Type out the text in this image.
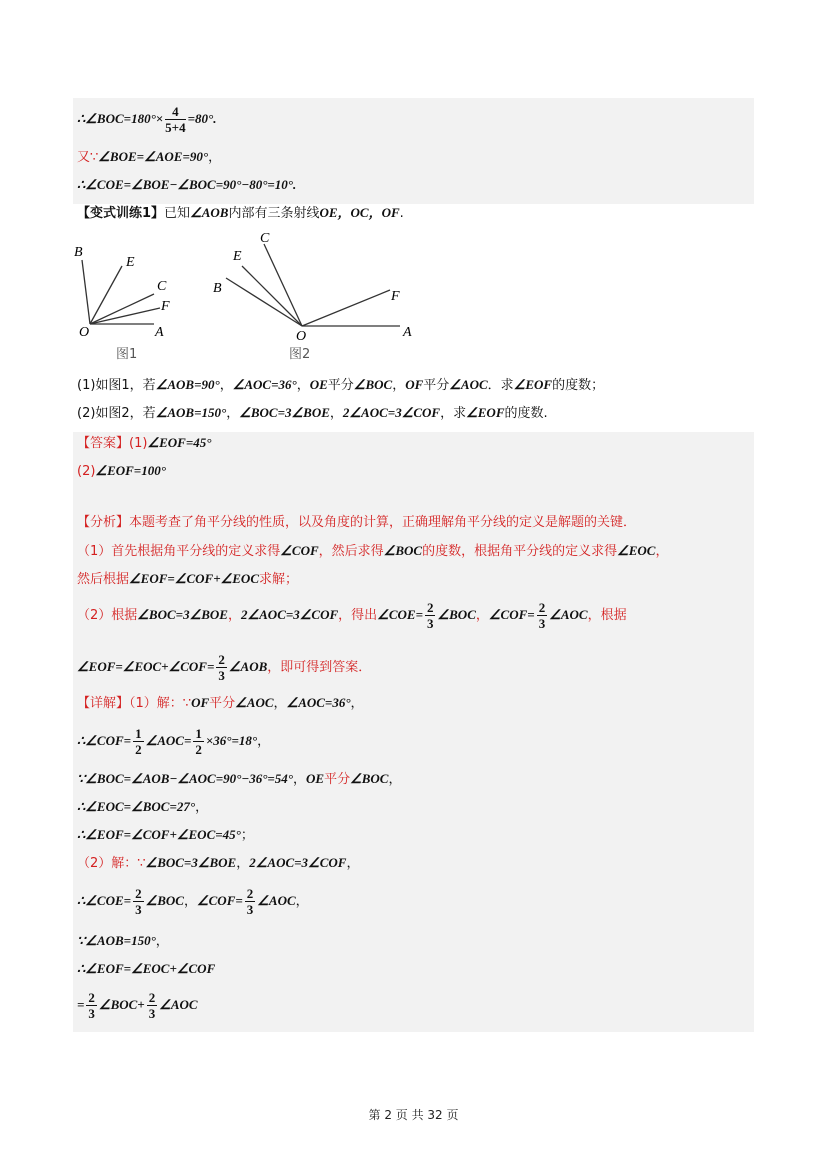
∴∠BOC=180°× $\frac{4}{5+4} =80^\circ$.
又∵∠BOE=∠AOE=90°，
∴∠COE=∠BOE−∠BOC=90°−80°=10°.
【变式训练1】已知∠AOB内部有三条射线OE，OC，OF.
B
E
C
F
O	A
图1
C
E
B
F
O	A
图2
(1)如图1，若∠AOB=90°，∠AOC=36°，OE平分∠BOC，OF平分∠AOC．求∠EOF的度数；
(2)如图2，若∠AOB=150°，∠BOC=3∠BOE，2∠AOC=3∠COF，求∠EOF的度数.
【答案】(1)∠EOF=45°
(2)∠EOF=100°
【分析】本题考查了角平分线的性质，以及角度的计算，正确理解角平分线的定义是解题的关键．
（1）首先根据角平分线的定义求得∠COF，然后求得∠BOC的度数，根据角平分线的定义求得∠EOC，
然后根据∠EOF=∠COF+∠EOC求解；
（2）根据∠BOC=3∠BOE，2∠AOC=3∠COF，得出∠COE= $\frac{2}{3}$ ∠BOC，∠COF= $\frac{2}{3}$ ∠AOC，根据
∠EOF=∠EOC+∠COF= $\frac{2}{3}$ ∠AOB，即可得到答案．
【详解】（1）解：∵OF平分∠AOC，∠AOC=36°，
∴∠COF= $\frac{1}{2}$ ∠AOC= $\frac{1}{2} \times 36^\circ=18^\circ$，
∵∠BOC=∠AOB−∠AOC=90°−36°=54°，OE平分∠BOC，
∴∠EOC=∠BOC=27°，
∴∠EOF=∠COF+∠EOC=45°；
（2）解：∵∠BOC=3∠BOE，2∠AOC=3∠COF，
∴∠COE= $\frac{2}{3}$ ∠BOC，∠COF= $\frac{2}{3}$ ∠AOC，
∵∠AOB=150°，
∴∠EOF=∠EOC+∠COF
= $\frac{2}{3}$ ∠BOC+ $\frac{2}{3}$ ∠AOC
第 2 页 共 32 页
